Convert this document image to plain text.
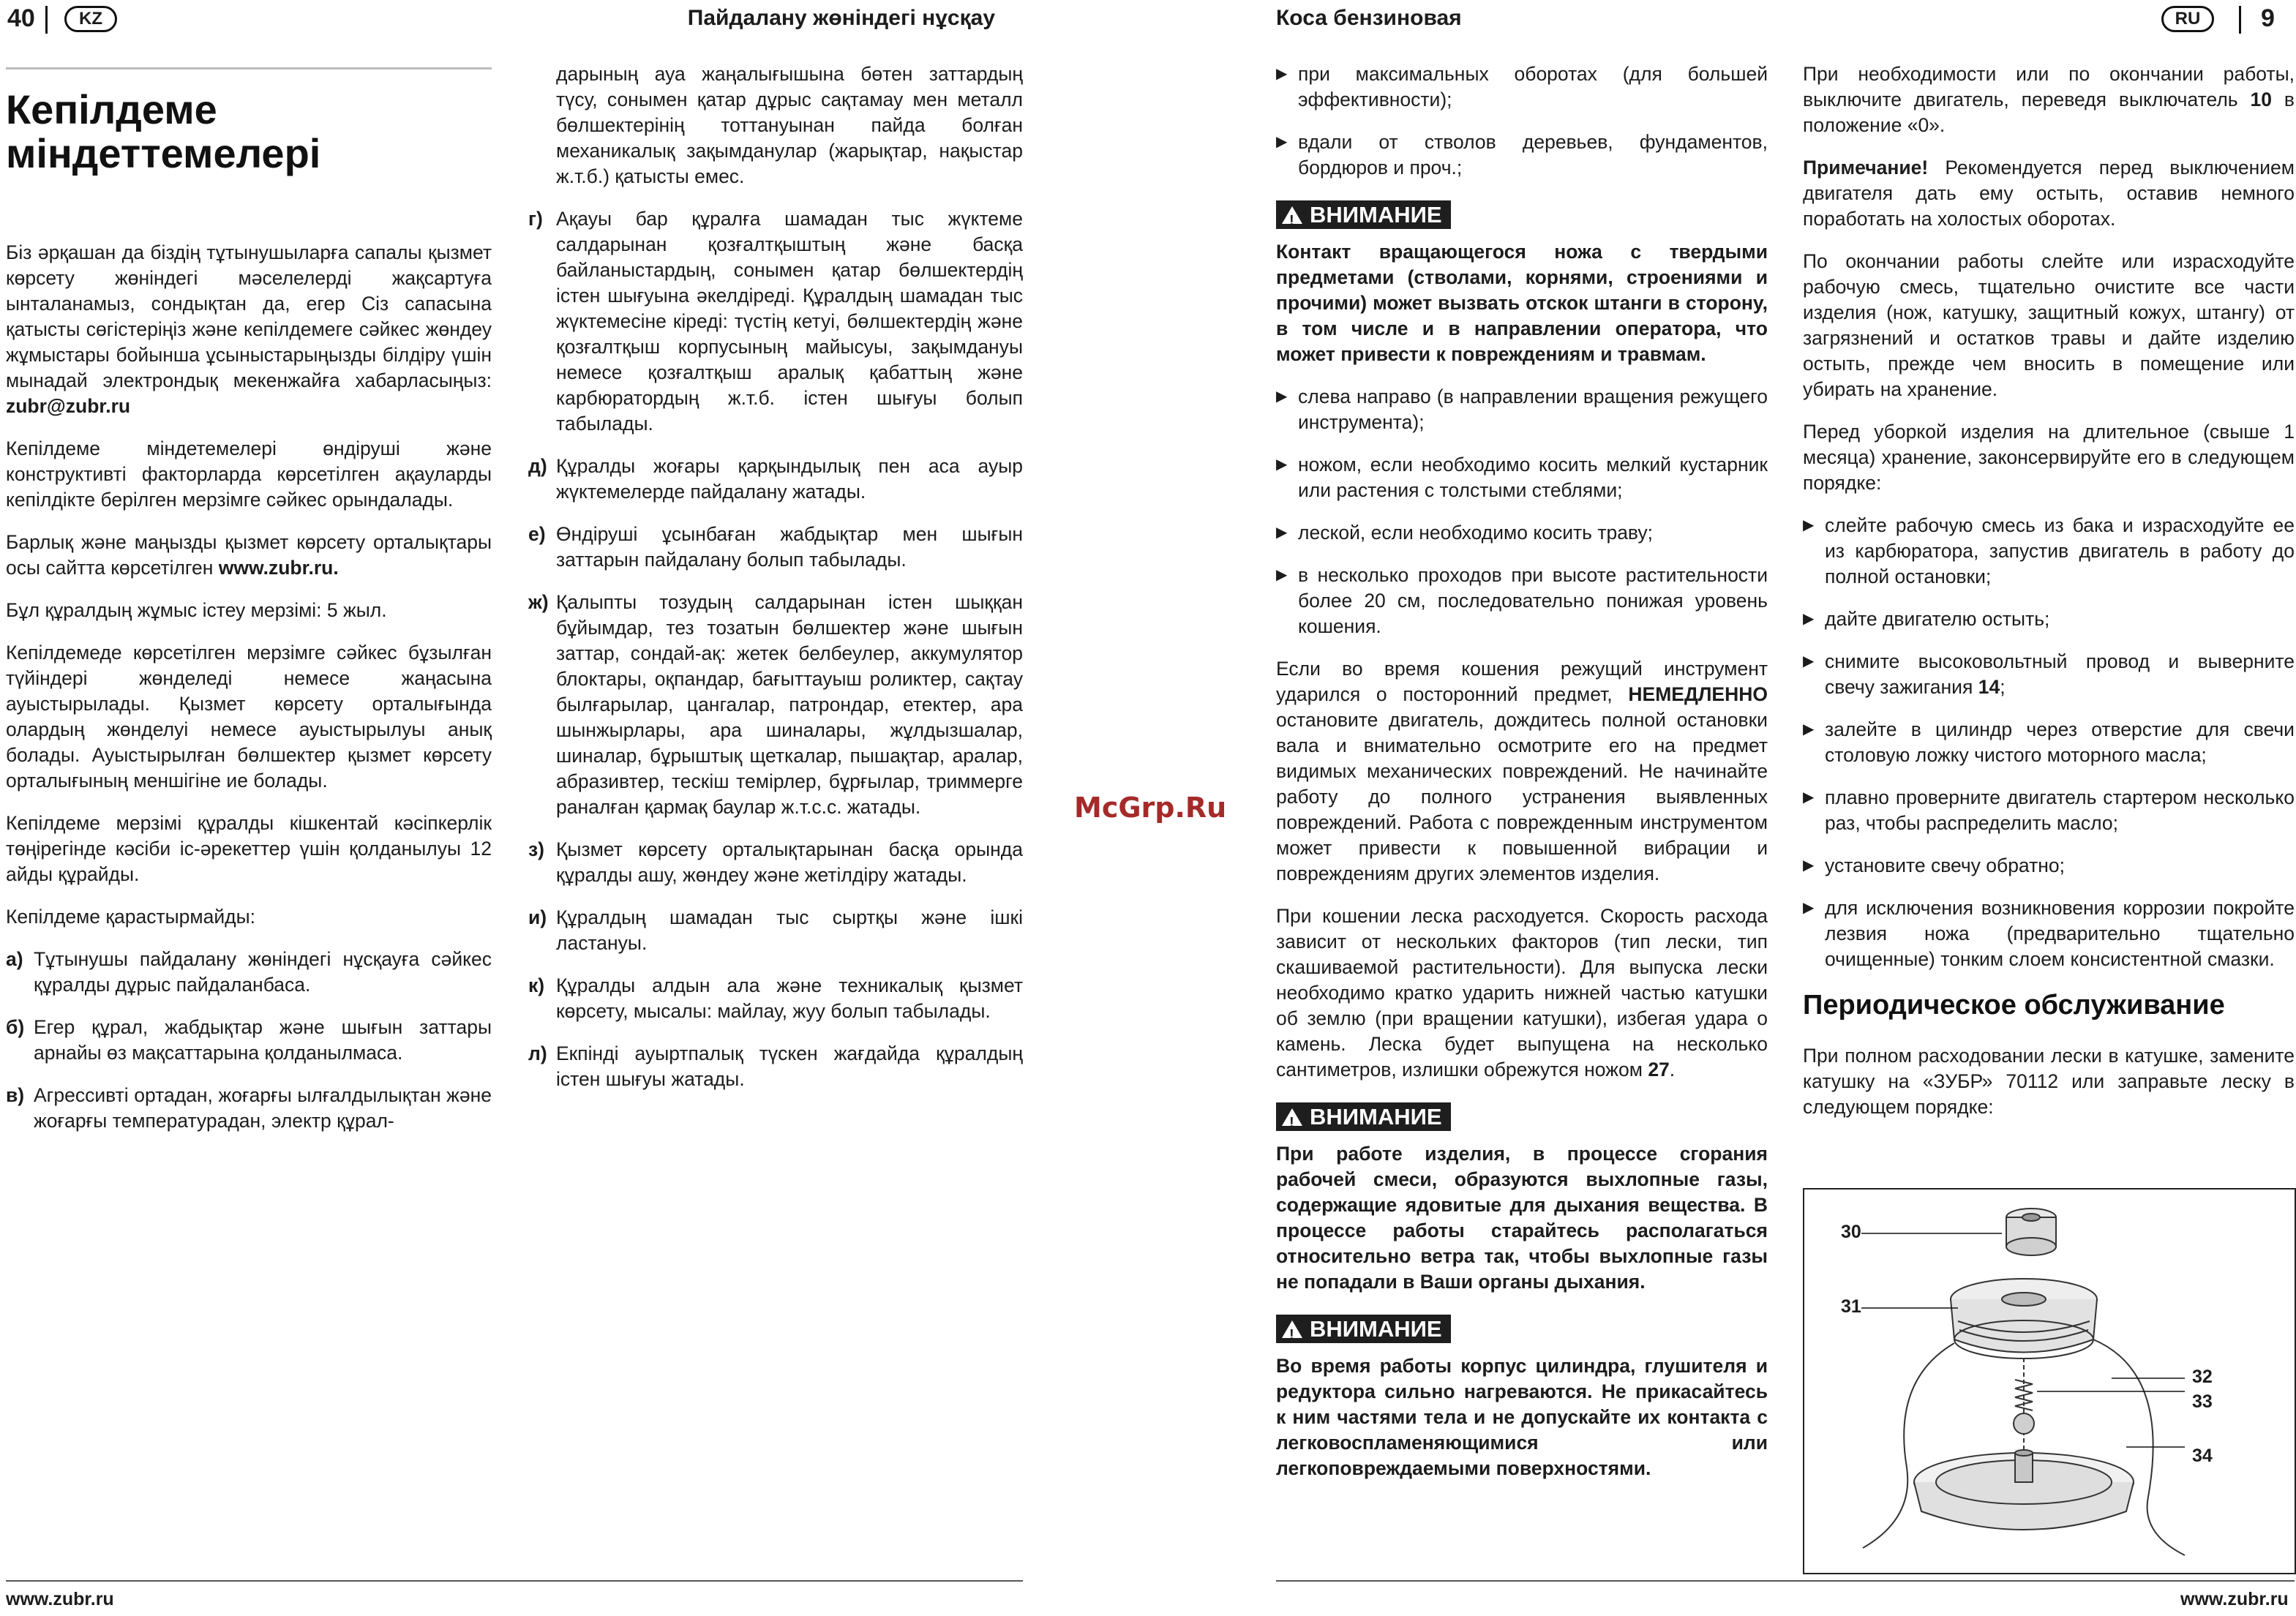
40	KZ	Пайдалану жөніндегі нұсқау
Кепілдеме
міндеттемелері

Біз әрқашан да біздің тұтынушыларға сапалы қызмет көрсету жөніндегі мәселелерді жақсартуға ынталанамыз, сондықтан да, егер Сіз сапасына қатысты сөгістеріңіз және кепілдемеге сәйкес жөндеу жұмыстары бойынша ұсыныстарыңызды білдіру үшін мынадай электрондық мекенжайға хабарласыңыз: zubr@zubr.ru

Кепілдеме міндетемелері өндіруші және конструктивті факторларда көрсетілген ақауларды кепілдікте берілген мерзімге сәйкес орындалады.

Барлық және маңызды қызмет көрсету орталықтары осы сайтта көрсетілген www.zubr.ru.

Бұл құралдың жұмыс істеу мерзімі: 5 жыл.

Кепілдемеде көрсетілген мерзімге сәйкес бұзылған түйіндері жөнделеді немесе жаңасына ауыстырылады. Қызмет көрсету орталығында олардың жөнделуі немесе ауыстырылуы анық болады. Ауыстырылған бөлшектер қызмет көрсету орталығының меншігіне ие болады.

Кепілдеме мерзімі құралды кішкентай кәсіпкерлік төңірегінде кәсіби іс-әрекеттер үшін қолданылуы 12 айды құрайды.

Кепілдеме қарастырмайды:

а) Тұтынушы пайдалану жөніндегі нұсқауға сәйкес құралды дұрыс пайдаланбаса.
б) Егер құрал, жабдықтар және шығын заттары арнайы өз мақсаттарына қолданылмаса.
в) Агрессивті ортадан, жоғарғы ылғалдылықтан және жоғарғы температурадан, электр құрал-

дарының ауа жаңалығышына бөтен заттардың түсу, сонымен қатар дұрыс сақтамау мен металл бөлшектерінің тоттануынан пайда болған механикалық зақымданулар (жарықтар, нақыстар ж.т.б.) қатысты емес.

г) Ақауы бар құралға шамадан тыс жүктеме салдарынан қозғалтқыштың және басқа байланыстардың, сонымен қатар бөлшектердің істен шығуына әкелдіреді. Құралдың шамадан тыс жүктемесіне кіреді: түстің кетуі, бөлшектердің және қозғалтқыш корпусының майысуы, зақымдануы немесе қозғалтқыш аралық қабаттың және карбюратордың ж.т.б. істен шығуы болып табылады.
д) Құралды жоғары қарқындылық пен аса ауыр жүктемелерде пайдалану жатады.
е) Өндіруші ұсынбаған жабдықтар мен шығын заттарын пайдалану болып табылады.
ж) Қалыпты тозудың салдарынан істен шыққан бұйымдар, тез тозатын бөлшектер және шығын заттар, сондай-ақ: жетек белбеулер, аккумулятор блоктары, оқпандар, бағыттауыш роликтер, сақтау былғарылар, цангалар, патрондар, етектер, ара шынжырлары, ара шиналары, жұлдызшалар, шиналар, бұрыштық щеткалар, пышақтар, аралар, абразивтер, тескіш темірлер, бұрғылар, триммерге раналған қармақ баулар ж.т.с.с. жатады.
з) Қызмет көрсету орталықтарынан басқа орында құралды ашу, жөндеу және жетілдіру жатады.
и) Құралдың шамадан тыс сыртқы және ішкі ластануы.
к) Құралды алдын ала және техникалық қызмет көрсету, мысалы: майлау, жуу болып табылады.
л) Екпінді ауыртпалық түскен жағдайда құралдың істен шығуы жатады.
www.zubr.ru
McGrp.Ru
Коса бензиновая	RU	9
▶ при максимальных оборотах (для большей эффективности);
▶ вдали от стволов деревьев, фундаментов, бордюров и проч.;
! ВНИМАНИЕ

Контакт вращающегося ножа с твердыми предметами (стволами, корнями, строениями и прочими) может вызвать отскок штанги в сторону, в том числе и в направлении оператора, что может привести к повреждениям и травмам.

▶ слева направо (в направлении вращения режущего инструмента);
▶ ножом, если необходимо косить мелкий кустарник или растения с толстыми стеблями;
▶ леской, если необходимо косить траву;
▶ в несколько проходов при высоте растительности более 20 см, последовательно понижая уровень кошения.

Если во время кошения режущий инструмент ударился о посторонний предмет, НЕМЕДЛЕННО остановите двигатель, дождитесь полной остановки вала и внимательно осмотрите его на предмет видимых механических повреждений. Не начинайте работу до полного устранения выявленных повреждений. Работа с поврежденным инструментом может привести к повышенной вибрации и повреждениям других элементов изделия.

При кошении леска расходуется. Скорость расхода зависит от нескольких факторов (тип лески, тип скашиваемой растительности). Для выпуска лески необходимо кратко ударить нижней частью катушки об землю (при вращении катушки), избегая удара о камень. Леска будет выпущена на несколько сантиметров, излишки обрежутся ножом 27.

! ВНИМАНИЕ

При работе изделия, в процессе сгорания рабочей смеси, образуются выхлопные газы, содержащие ядовитые для дыхания вещества. В процессе работы старайтесь располагаться относительно ветра так, чтобы выхлопные газы не попадали в Ваши органы дыхания.

! ВНИМАНИЕ

Во время работы корпус цилиндра, глушителя и редуктора сильно нагреваются. Не прикасайтесь к ним частями тела и не допускайте их контакта с легковоспламеняющимися или легкоповреждаемыми поверхностями.

При необходимости или по окончании работы, выключите двигатель, переведя выключатель 10 в положение «0».

Примечание! Рекомендуется перед выключением двигателя дать ему остыть, оставив немного поработать на холостых оборотах.

По окончании работы слейте или израсходуйте рабочую смесь, тщательно очистите все части изделия (нож, катушку, защитный кожух, штангу) от загрязнений и остатков травы и дайте изделию остыть, прежде чем вносить в помещение или убирать на хранение.

Перед уборкой изделия на длительное (свыше 1 месяца) хранение, законсервируйте его в следующем порядке:

▶ слейте рабочую смесь из бака и израсходуйте ее из карбюратора, запустив двигатель в работу до полной остановки;
▶ дайте двигателю остыть;
▶ снимите высоковольтный провод и выверните свечу зажигания 14;
▶ залейте в цилиндр через отверстие для свечи столовую ложку чистого моторного масла;
▶ плавно проверните двигатель стартером несколько раз, чтобы распределить масло;
▶ установите свечу обратно;
▶ для исключения возникновения коррозии покройте лезвия ножа (предварительно тщательно очищенные) тонким слоем консистентной смазки.
Периодическое обслуживание

При полном расходовании лески в катушке, замените катушку на «ЗУБР» 70112 или заправьте леску в следующем порядке:

30
31
32
33
34
www.zubr.ru
